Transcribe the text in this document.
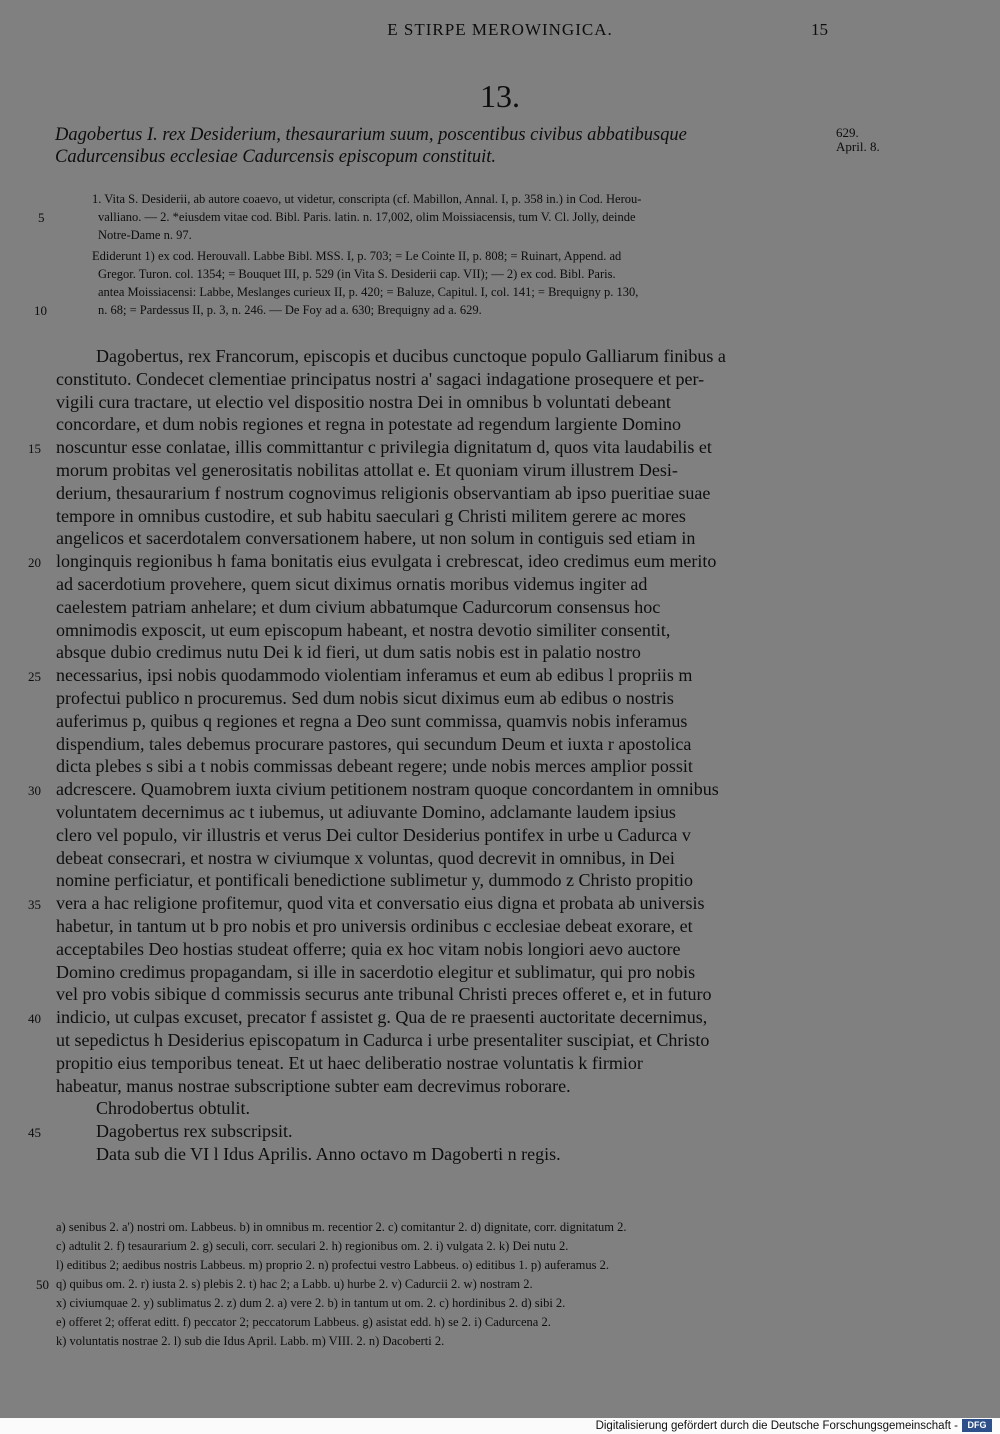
E STIRPE MEROWINGICA.	15
13.
Dagobertus I. rex Desiderium, thesaurarium suum, poscentibus civibus abbatibusque
Cadurcensibus ecclesiae Cadurcensis episcopum constituit.
629.
April. 8.
1. Vita S. Desiderii, ab autore coaevo, ut videtur, conscripta (cf. Mabillon, Annal. I, p. 358 in.) in Cod. Herou-
valliano. — 2. *eiusdem vitae cod. Bibl. Paris. latin. n. 17,002, olim Moissiacensis, tum V. Cl. Jolly, deinde
Notre-Dame n. 97.
Ediderunt 1) ex cod. Herouvall. Labbe Bibl. MSS. I, p. 703; = Le Cointe II, p. 808; = Ruinart, Append. ad
Gregor. Turon. col. 1354; = Bouquet III, p. 529 (in Vita S. Desiderii cap. VII); — 2) ex cod. Bibl. Paris.
antea Moissiacensi: Labbe, Meslanges curieux II, p. 420; = Baluze, Capitul. I, col. 141; = Brequigny p. 130,
n. 68; = Pardessus II, p. 3, n. 246. — De Foy ad a. 630; Brequigny ad a. 629.
5
10
Dagobertus, rex Francorum, episcopis et ducibus cunctoque populo Galliarum finibus a
constituto. Condecet clementiae principatus nostri a' sagaci indagatione prosequere et per-
vigili cura tractare, ut electio vel dispositio nostra Dei in omnibus b voluntati debeant
concordare, et dum nobis regiones et regna in potestate ad regendum largiente Domino
noscuntur esse conlatae, illis committantur c privilegia dignitatum d, quos vita laudabilis et
morum probitas vel generositatis nobilitas attollat e. Et quoniam virum illustrem Desi-
derium, thesaurarium f nostrum cognovimus religionis observantiam ab ipso pueritiae suae
tempore in omnibus custodire, et sub habitu saeculari g Christi militem gerere ac mores
angelicos et sacerdotalem conversationem habere, ut non solum in contiguis sed etiam in
longinquis regionibus h fama bonitatis eius evulgata i crebrescat, ideo credimus eum merito
ad sacerdotium provehere, quem sicut diximus ornatis moribus videmus ingiter ad
caelestem patriam anhelare; et dum civium abbatumque Cadurcorum consensus hoc
omnimodis exposcit, ut eum episcopum habeant, et nostra devotio similiter consentit,
absque dubio credimus nutu Dei k id fieri, ut dum satis nobis est in palatio nostro
necessarius, ipsi nobis quodammodo violentiam inferamus et eum ab edibus l propriis m
profectui publico n procuremus. Sed dum nobis sicut diximus eum ab edibus o nostris
auferimus p, quibus q regiones et regna a Deo sunt commissa, quamvis nobis inferamus
dispendium, tales debemus procurare pastores, qui secundum Deum et iuxta r apostolica
dicta plebes s sibi a t nobis commissas debeant regere; unde nobis merces amplior possit
adcrescere. Quamobrem iuxta civium petitionem nostram quoque concordantem in omnibus
voluntatem decernimus ac t iubemus, ut adiuvante Domino, adclamante laudem ipsius
clero vel populo, vir illustris et verus Dei cultor Desiderius pontifex in urbe u Cadurca v
debeat consecrari, et nostra w civiumque x voluntas, quod decrevit in omnibus, in Dei
nomine perficiatur, et pontificali benedictione sublimetur y, dummodo z Christo propitio
vera a hac religione profitemur, quod vita et conversatio eius digna et probata ab universis
habetur, in tantum ut b pro nobis et pro universis ordinibus c ecclesiae debeat exorare, et
acceptabiles Deo hostias studeat offerre; quia ex hoc vitam nobis longiori aevo auctore
Domino credimus propagandam, si ille in sacerdotio elegitur et sublimatur, qui pro nobis
vel pro vobis sibique d commissis securus ante tribunal Christi preces offeret e, et in futuro
indicio, ut culpas excuset, precator f assistet g. Qua de re praesenti auctoritate decernimus,
ut sepedictus h Desiderius episcopatum in Cadurca i urbe presentaliter suscipiat, et Christo
propitio eius temporibus teneat. Et ut haec deliberatio nostrae voluntatis k firmior
habeatur, manus nostrae subscriptione subter eam decrevimus roborare.
Chrodobertus obtulit.
Dagobertus rex subscripsit.
Data sub die VI l Idus Aprilis. Anno octavo m Dagoberti n regis.
15
20
25
30
35
40
45
a) senibus 2. a') nostri om. Labbeus. b) in omnibus m. recentior 2. c) comitantur 2. d) dignitate, corr. dignitatum 2.
c) adtulit 2. f) tesaurarium 2. g) seculi, corr. seculari 2. h) regionibus om. 2. i) vulgata 2. k) Dei nutu 2.
l) editibus 2; aedibus nostris Labbeus. m) proprio 2. n) profectui vestro Labbeus. o) editibus 1. p) auferamus 2.
q) quibus om. 2. r) iusta 2. s) plebis 2. t) hac 2; a Labb. u) hurbe 2. v) Cadurcii 2. w) nostram 2.
x) civiumquae 2. y) sublimatus 2. z) dum 2. a) vere 2. b) in tantum ut om. 2. c) hordinibus 2. d) sibi 2.
e) offeret 2; offerat editt. f) peccator 2; peccatorum Labbeus. g) asistat edd. h) se 2. i) Cadurcena 2.
k) voluntatis nostrae 2. l) sub die Idus April. Labb. m) VIII. 2. n) Dacoberti 2.
50
Digitalisierung gefördert durch die Deutsche Forschungsgemeinschaft -	DFG
